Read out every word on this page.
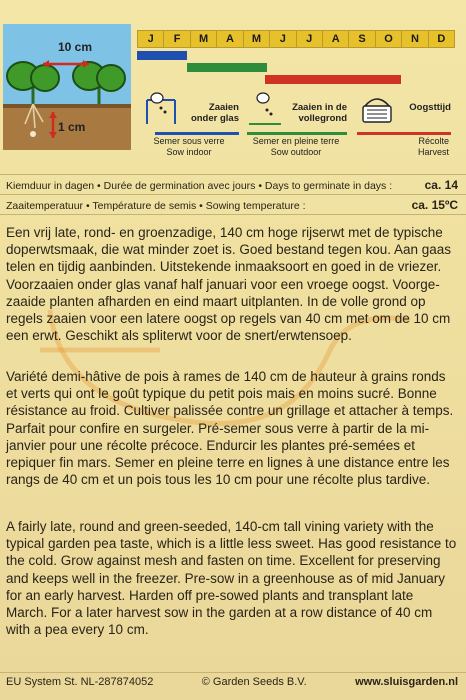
10 cm
1 cm
J	F	M	A	M	J	J	A	S	O	N	D
Zaaien onder glas
Semer sous verre
Sow indoor
Zaaien in de vollegrond
Semer en pleine terre
Sow outdoor
Oogsttijd
Récolte
Harvest
Kiemduur in dagen • Durée de germination avec jours • Days to germinate in days :	ca. 14
Zaaitemperatuur • Température de semis • Sowing temperature :	ca. 15ºC
Een vrij late, rond- en groenzadige, 140 cm hoge rijserwt met de typische doperwtsmaak, die wat minder zoet is. Goed bestand tegen kou. Aan gaas telen en tijdig aanbinden. Uitstekende inmaaksoort en goed in de vriezer. Voorzaaien onder glas vanaf half januari voor een vroege oogst. Voorge-zaaide planten afharden en eind maart uitplanten. In de volle grond op regels zaaien voor een latere oogst op regels van 40 cm met om de 10 cm een erwt. Geschikt als spliterwt voor de snert/erwtensoep.
Variété demi-hâtive de pois à rames de 140 cm de hauteur à grains ronds et verts qui ont le goût typique du petit pois mais en moins sucré. Bonne résistance au froid. Cultiver palissée contre un grillage et attacher à temps. Parfait pour confire en surgeler. Pré-semer sous verre à partir de la mi-janvier pour une récolte précoce. Endurcir les plantes pré-semées et repiquer fin mars. Semer en pleine terre en lignes à une distance entre les rangs de 40 cm et un pois tous les 10 cm pour une récolte plus tardive.
A fairly late, round and green-seeded, 140-cm tall vining variety with the typical garden pea taste, which is a little less sweet. Has good resistance to the cold. Grow against mesh and fasten on time. Excellent for preserving and keeps well in the freezer. Pre-sow in a greenhouse as of mid January for an early harvest. Harden off pre-sowed plants and transplant late March. For a later harvest sow in the garden at a row distance of 40 cm with a pea every 10 cm.
EU System St. NL-287874052	© Garden Seeds B.V.	www.sluisgarden.nl
